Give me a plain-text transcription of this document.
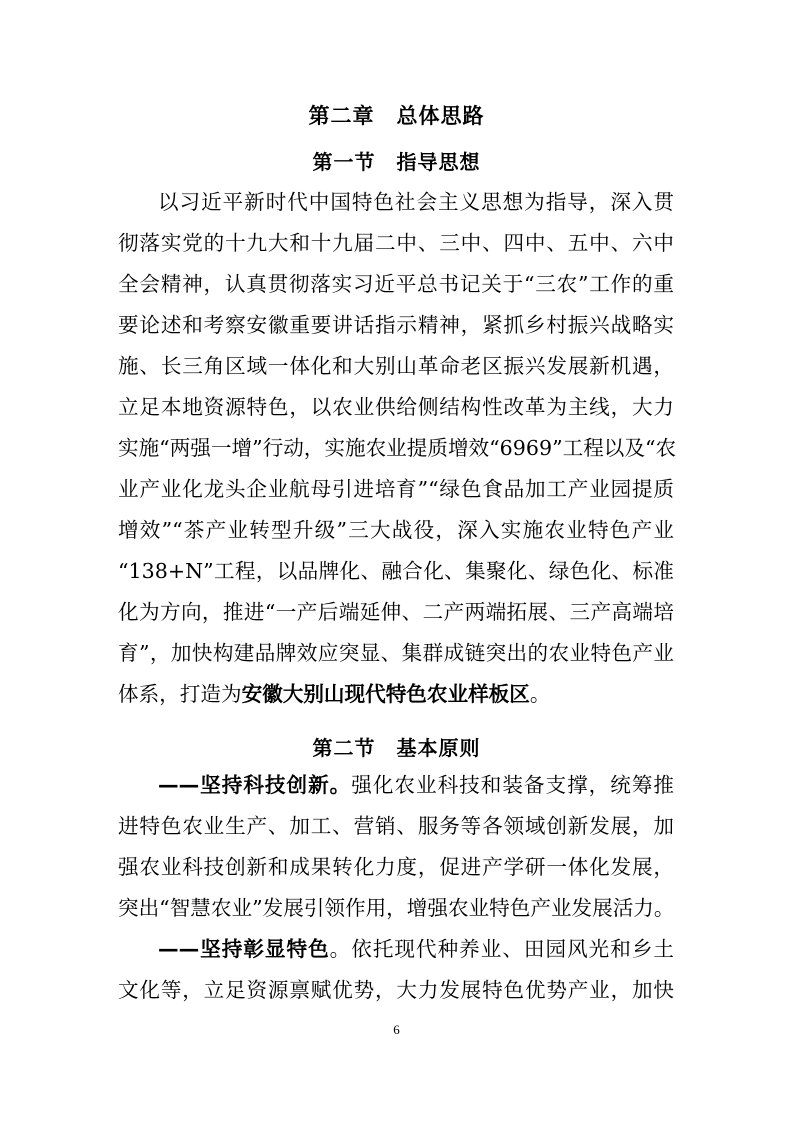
第二章　总体思路
第一节　指导思想
以习近平新时代中国特色社会主义思想为指导，深入贯
彻落实党的十九大和十九届二中、三中、四中、五中、六中
全会精神，认真贯彻落实习近平总书记关于“三农”工作的重
要论述和考察安徽重要讲话指示精神，紧抓乡村振兴战略实
施、长三角区域一体化和大别山革命老区振兴发展新机遇，
立足本地资源特色，以农业供给侧结构性改革为主线，大力
实施“两强一增”行动，实施农业提质增效“6969”工程以及“农
业产业化龙头企业航母引进培育”“绿色食品加工产业园提质
增效”“茶产业转型升级”三大战役，深入实施农业特色产业
“138+N”工程，以品牌化、融合化、集聚化、绿色化、标准
化为方向，推进“一产后端延伸、二产两端拓展、三产高端培
育”，加快构建品牌效应突显、集群成链突出的农业特色产业
体系，打造为安徽大别山现代特色农业样板区。
第二节　基本原则
——坚持科技创新。强化农业科技和装备支撑，统筹推
进特色农业生产、加工、营销、服务等各领域创新发展，加
强农业科技创新和成果转化力度，促进产学研一体化发展，
突出“智慧农业”发展引领作用，增强农业特色产业发展活力。
——坚持彰显特色。依托现代种养业、田园风光和乡土
文化等，立足资源禀赋优势，大力发展特色优势产业，加快
6
